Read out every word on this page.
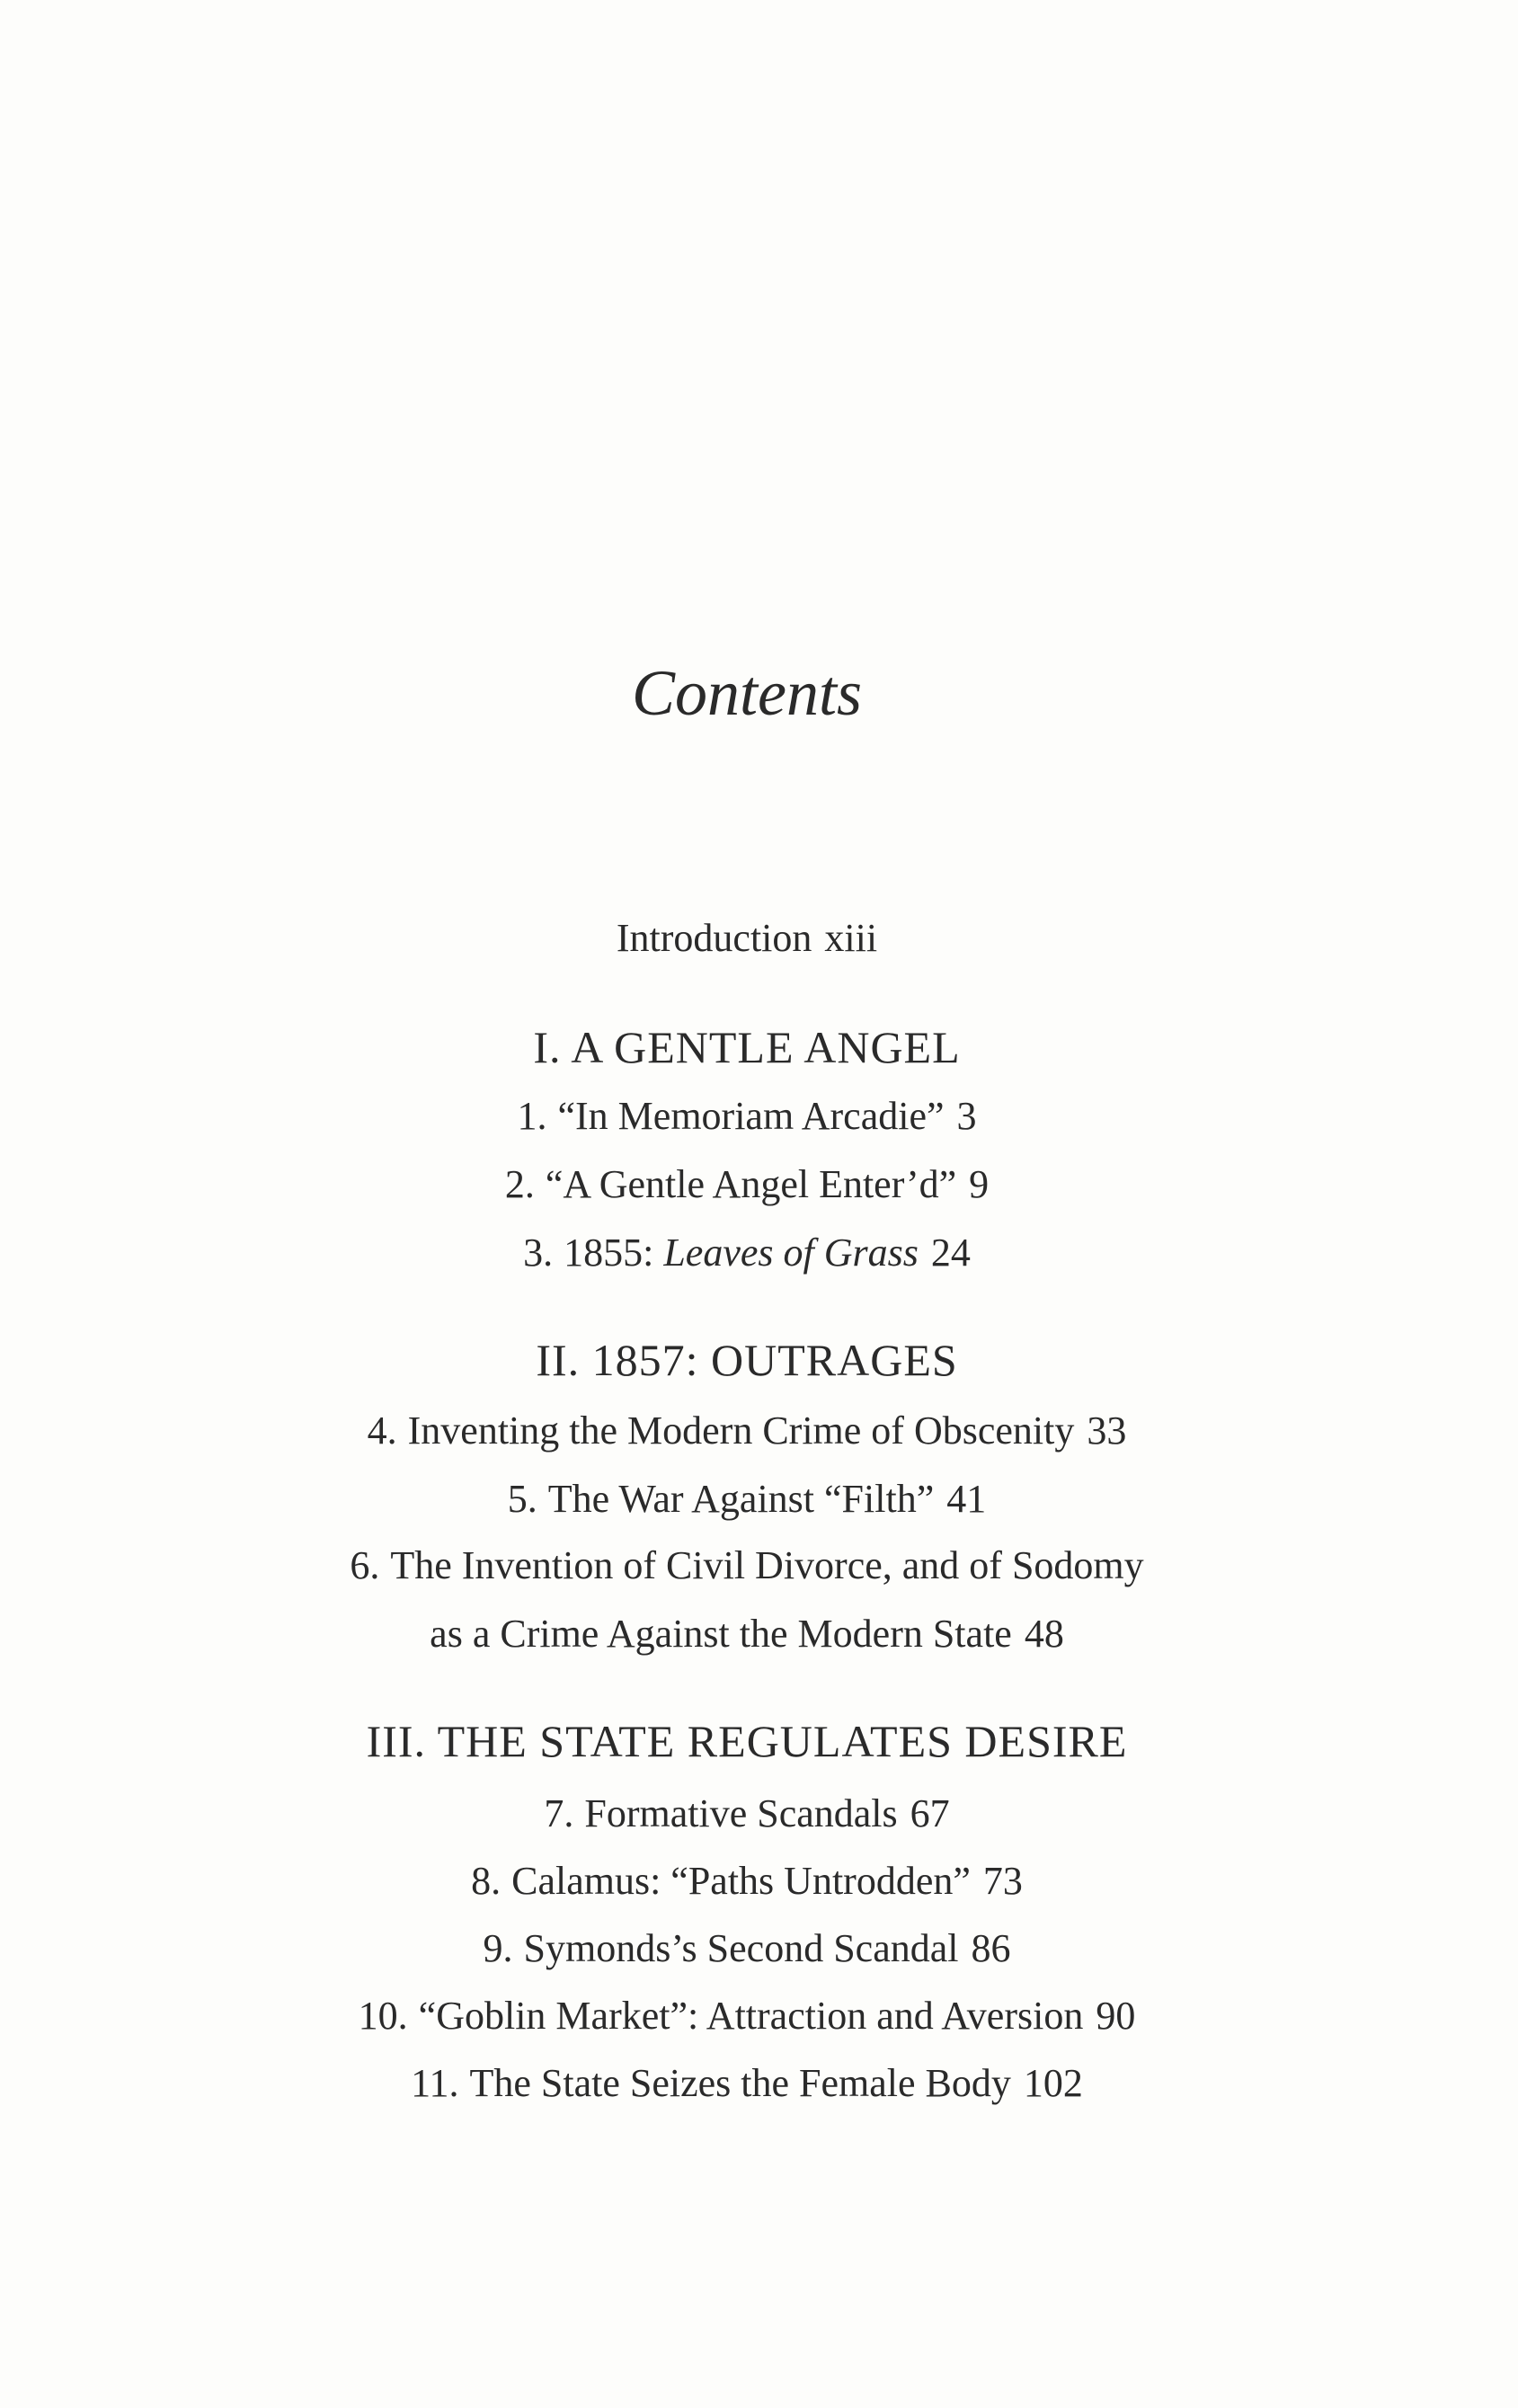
Contents
Introduction xiii
I. A GENTLE ANGEL
1. “In Memoriam Arcadie” 3
2. “A Gentle Angel Enter’d” 9
3. 1855: Leaves of Grass 24
II. 1857: OUTRAGES
4. Inventing the Modern Crime of Obscenity 33
5. The War Against “Filth” 41
6. The Invention of Civil Divorce, and of Sodomy
as a Crime Against the Modern State 48
III. THE STATE REGULATES DESIRE
7. Formative Scandals 67
8. Calamus: “Paths Untrodden” 73
9. Symonds’s Second Scandal 86
10. “Goblin Market”: Attraction and Aversion 90
11. The State Seizes the Female Body 102
